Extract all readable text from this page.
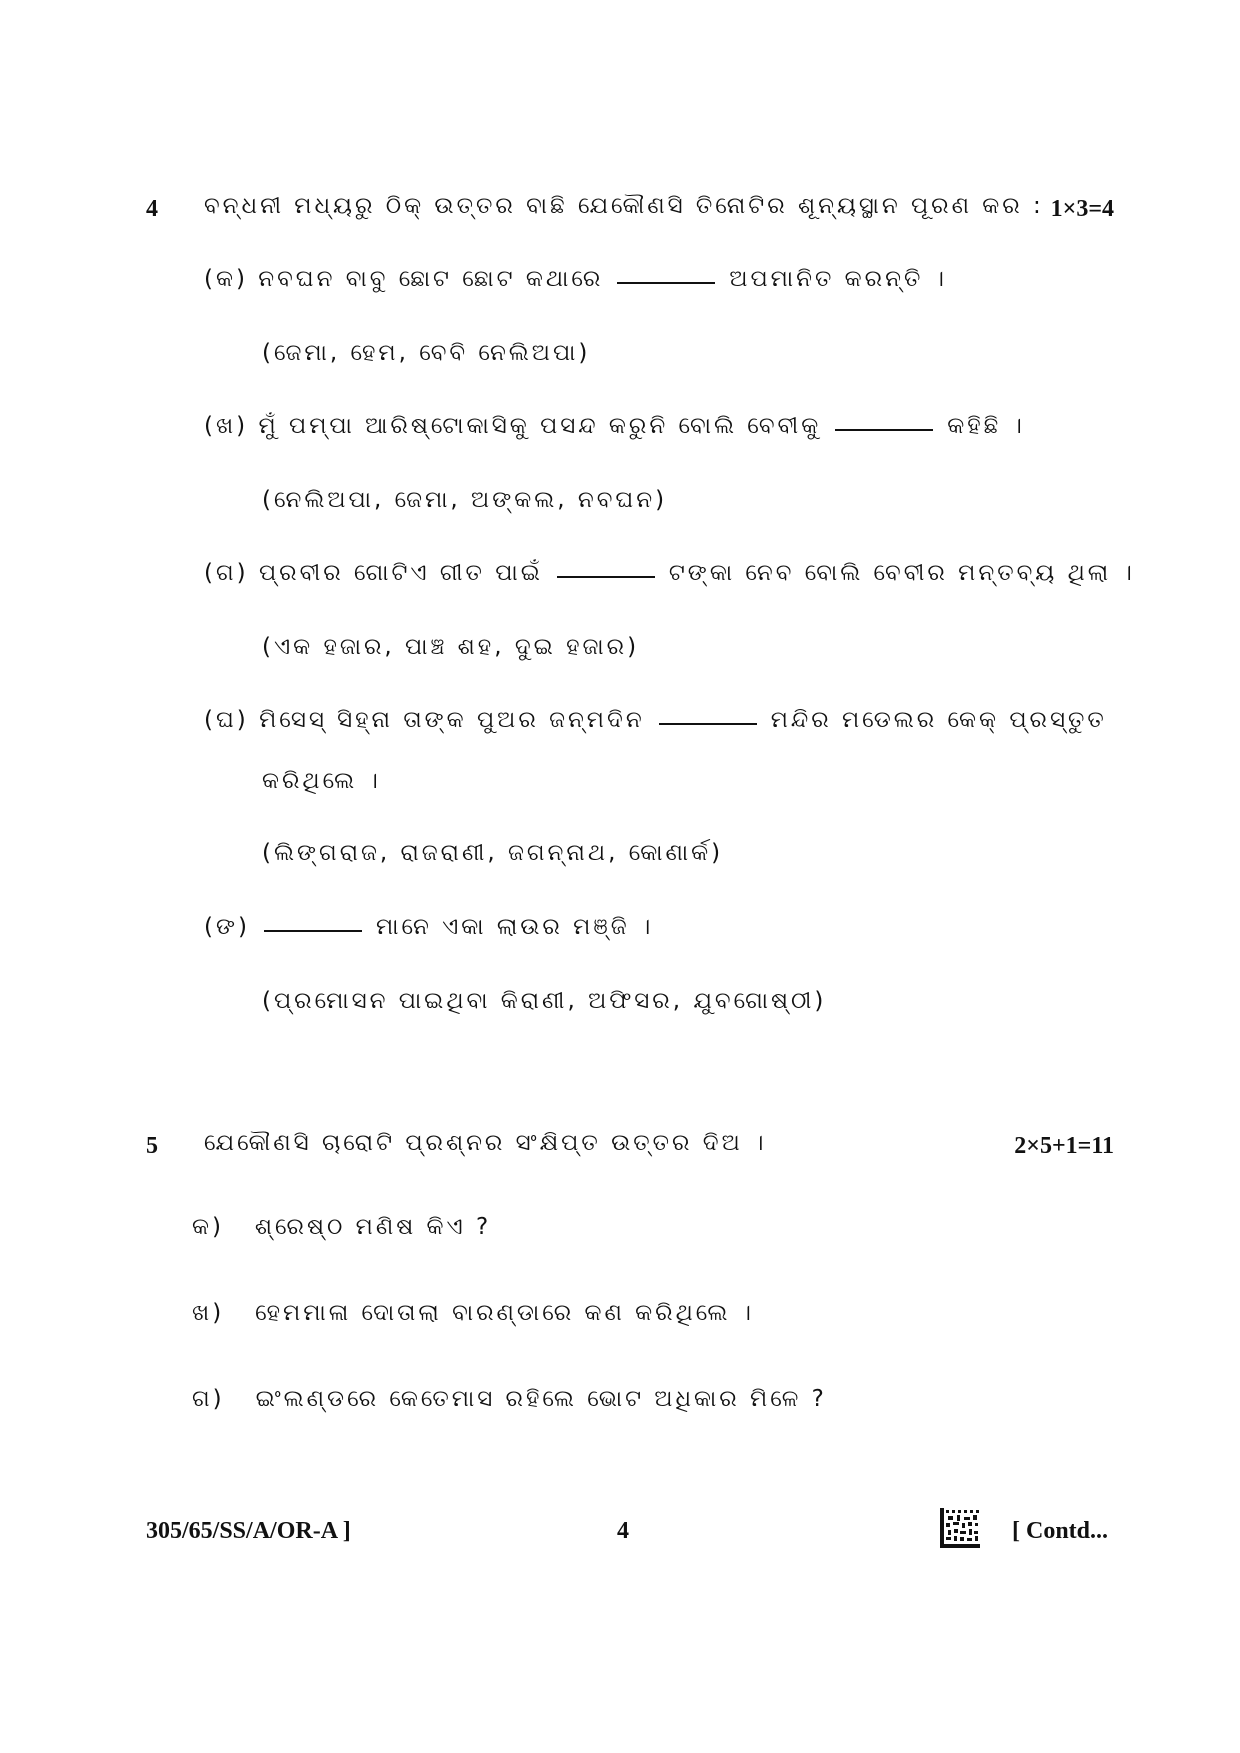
4 ବନ୍ଧନୀ ମଧ୍ୟରୁ ଠିକ୍ ଉତ୍ତର ବାଛି ଯେକୌଣସି ତିନୋଟିର ଶୂନ୍ୟସ୍ଥାନ ପୂରଣ କର : 1×3=4
(କ) ନବଘନ ବାବୁ ଛୋଟ ଛୋଟ କଥାରେ	ଅପମାନିତ କରନ୍ତି ।
(ଜେମା, ହେମ, ବେବି ନେଲିଅପା)
(ଖ) ମୁଁ ପମ୍ପା ଆରିଷ୍ଟୋକାସିକୁ ପସନ୍ଦ କରୁନି ବୋଲି ବେବୀକୁ	କହିଛି ।
(ନେଲିଅପା, ଜେମା, ଅଙ୍କଲ, ନବଘନ)
(ଗ) ପ୍ରବୀର ଗୋଟିଏ ଗୀତ ପାଇଁ	ଟଙ୍କା ନେବ ବୋଲି ବେବୀର ମନ୍ତବ୍ୟ ଥିଲା ।
(ଏକ ହଜାର, ପାଞ୍ଚ ଶହ, ଦୁଇ ହଜାର)
(ଘ) ମିସେସ୍ ସିହ୍ନା ତାଙ୍କ ପୁଅର ଜନ୍ମଦିନ	ମନ୍ଦିର ମଡେଲର କେକ୍ ପ୍ରସ୍ତୁତ
କରିଥିଲେ ।
(ଲିଙ୍ଗରାଜ, ରାଜରାଣୀ, ଜଗନ୍ନାଥ, କୋଣାର୍କ)
(ଙ)	ମାନେ ଏକା ଲାଉର ମଞ୍ଜି ।
(ପ୍ରମୋସନ ପାଇଥିବା କିରାଣୀ, ଅଫିସର, ଯୁବଗୋଷ୍ଠୀ)
5 ଯେକୌଣସି ଚାରୋଟି ପ୍ରଶ୍ନର ସଂକ୍ଷିପ୍ତ ଉତ୍ତର ଦିଅ ।	2×5+1=11
କ) ଶ୍ରେଷ୍ଠ ମଣିଷ କିଏ ?
ଖ) ହେମମାଳା ଦୋତାଲା ବାରଣ୍ଡାରେ କଣ କରିଥିଲେ ।
ଗ) ଇଂଲଣ୍ଡରେ କେତେମାସ ରହିଲେ ଭୋଟ ଅଧିକାର ମିଳେ ?
305/65/SS/A/OR-A ]	4	[ Contd...
